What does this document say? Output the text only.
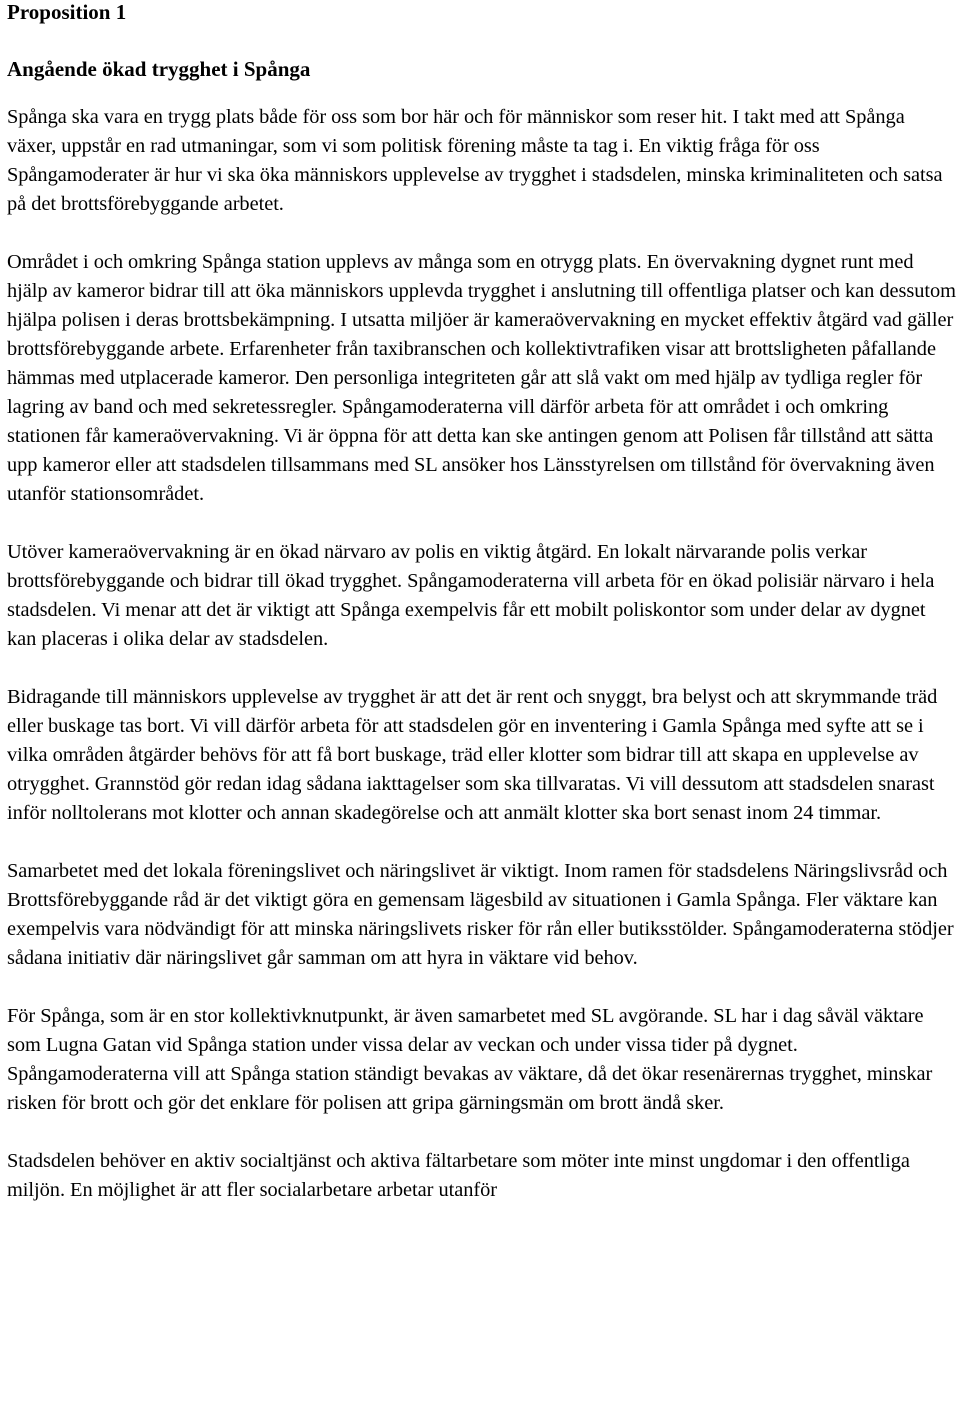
Proposition 1

Angående ökad trygghet i Spånga

Spånga ska vara en trygg plats både för oss som bor här och för människor som reser hit. I takt med att Spånga växer, uppstår en rad utmaningar, som vi som politisk förening måste ta tag i. En viktig fråga för oss Spångamoderater är hur vi ska öka människors upplevelse av trygghet i stadsdelen, minska kriminaliteten och satsa på det brottsförebyggande arbetet.

Området i och omkring Spånga station upplevs av många som en otrygg plats. En övervakning dygnet runt med hjälp av kameror bidrar till att öka människors upplevda trygghet i anslutning till offentliga platser och kan dessutom hjälpa polisen i deras brottsbekämpning. I utsatta miljöer är kameraövervakning en mycket effektiv åtgärd vad gäller brottsförebyggande arbete. Erfarenheter från taxibranschen och kollektivtrafiken visar att brottsligheten påfallande hämmas med utplacerade kameror. Den personliga integriteten går att slå vakt om med hjälp av tydliga regler för lagring av band och med sekretessregler. Spångamoderaterna vill därför arbeta för att området i och omkring stationen får kameraövervakning. Vi är öppna för att detta kan ske antingen genom att Polisen får tillstånd att sätta upp kameror eller att stadsdelen tillsammans med SL ansöker hos Länsstyrelsen om tillstånd för övervakning även utanför stationsområdet.

Utöver kameraövervakning är en ökad närvaro av polis en viktig åtgärd. En lokalt närvarande polis verkar brottsförebyggande och bidrar till ökad trygghet. Spångamoderaterna vill arbeta för en ökad polisiär närvaro i hela stadsdelen. Vi menar att det är viktigt att Spånga exempelvis får ett mobilt poliskontor som under delar av dygnet kan placeras i olika delar av stadsdelen.

Bidragande till människors upplevelse av trygghet är att det är rent och snyggt, bra belyst och att skrymmande träd eller buskage tas bort. Vi vill därför arbeta för att stadsdelen gör en inventering i Gamla Spånga med syfte att se i vilka områden åtgärder behövs för att få bort buskage, träd eller klotter som bidrar till att skapa en upplevelse av otrygghet. Grannstöd gör redan idag sådana iakttagelser som ska tillvaratas. Vi vill dessutom att stadsdelen snarast inför nolltolerans mot klotter och annan skadegörelse och att anmält klotter ska bort senast inom 24 timmar.

Samarbetet med det lokala föreningslivet och näringslivet är viktigt. Inom ramen för stadsdelens Näringslivsråd och Brottsförebyggande råd är det viktigt göra en gemensam lägesbild av situationen i Gamla Spånga. Fler väktare kan exempelvis vara nödvändigt för att minska näringslivets risker för rån eller butiksstölder. Spångamoderaterna stödjer sådana initiativ där näringslivet går samman om att hyra in väktare vid behov.

För Spånga, som är en stor kollektivknutpunkt, är även samarbetet med SL avgörande. SL har i dag såväl väktare som Lugna Gatan vid Spånga station under vissa delar av veckan och under vissa tider på dygnet. Spångamoderaterna vill att Spånga station ständigt bevakas av väktare, då det ökar resenärernas trygghet, minskar risken för brott och gör det enklare för polisen att gripa gärningsmän om brott ändå sker.

Stadsdelen behöver en aktiv socialtjänst och aktiva fältarbetare som möter inte minst ungdomar i den offentliga miljön. En möjlighet är att fler socialarbetare arbetar utanför
